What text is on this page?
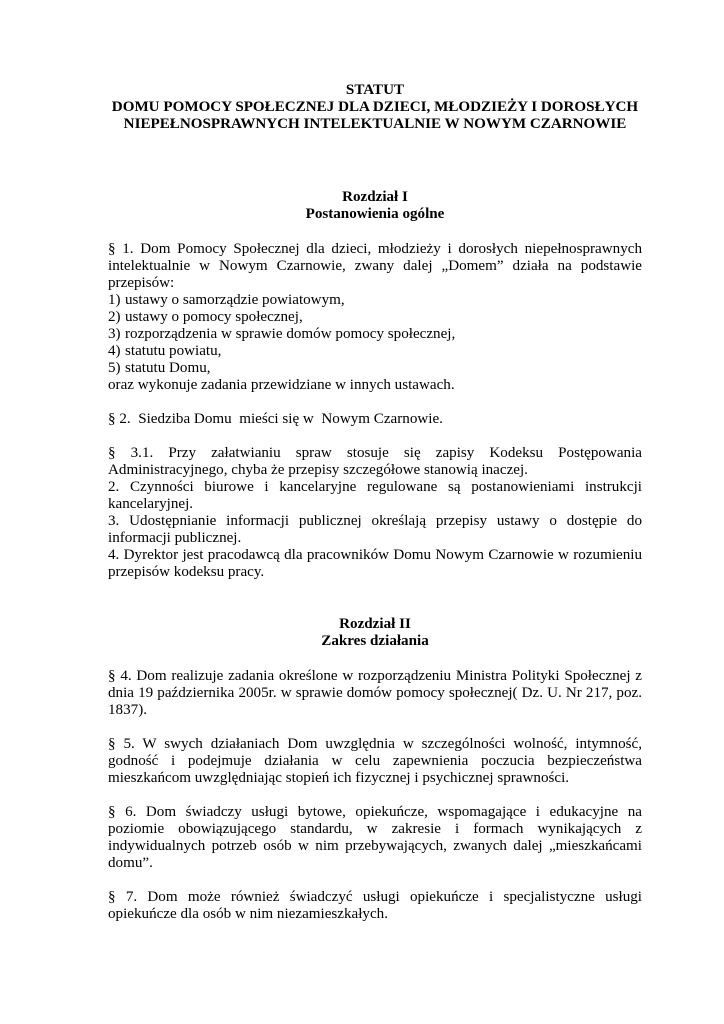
STATUT
DOMU POMOCY SPOŁECZNEJ DLA DZIECI, MŁODZIEŻY I DOROSŁYCH
NIEPEŁNOSPRAWNYCH INTELEKTUALNIE W NOWYM CZARNOWIE
Rozdział I
Postanowienia ogólne

§ 1. Dom Pomocy Społecznej dla dzieci, młodzieży i dorosłych niepełnosprawnych intelektualnie w Nowym Czarnowie, zwany dalej „Domem” działa na podstawie przepisów:

1) ustawy o samorządzie powiatowym,
2) ustawy o pomocy społecznej,
3) rozporządzenia w sprawie domów pomocy społecznej,
4) statutu powiatu,
5) statutu Domu,

oraz wykonuje zadania przewidziane w innych ustawach.

§ 2.  Siedziba Domu  mieści się w  Nowym Czarnowie.

§ 3.1. Przy załatwianiu spraw stosuje się zapisy Kodeksu Postępowania Administracyjnego, chyba że przepisy szczegółowe stanowią inaczej.

2. Czynności biurowe i kancelaryjne regulowane są postanowieniami instrukcji kancelaryjnej.

3. Udostępnianie informacji publicznej określają przepisy ustawy o dostępie do informacji publicznej.

4. Dyrektor jest pracodawcą dla pracowników Domu Nowym Czarnowie w rozumieniu przepisów kodeksu pracy.

Rozdział II
Zakres działania

§ 4. Dom realizuje zadania określone w rozporządzeniu Ministra Polityki Społecznej z dnia 19 października 2005r. w sprawie domów pomocy społecznej( Dz. U. Nr 217, poz. 1837).

§ 5. W swych działaniach Dom uwzględnia w szczególności wolność, intymność, godność i podejmuje działania w celu zapewnienia poczucia bezpieczeństwa mieszkańcom uwzględniając stopień ich fizycznej i psychicznej sprawności.

§ 6. Dom świadczy usługi bytowe, opiekuńcze, wspomagające i edukacyjne na poziomie obowiązującego standardu, w zakresie i formach wynikających z indywidualnych potrzeb osób w nim przebywających, zwanych dalej „mieszkańcami domu”.

§ 7. Dom może również świadczyć usługi opiekuńcze i specjalistyczne usługi opiekuńcze dla osób w nim niezamieszkałych.
